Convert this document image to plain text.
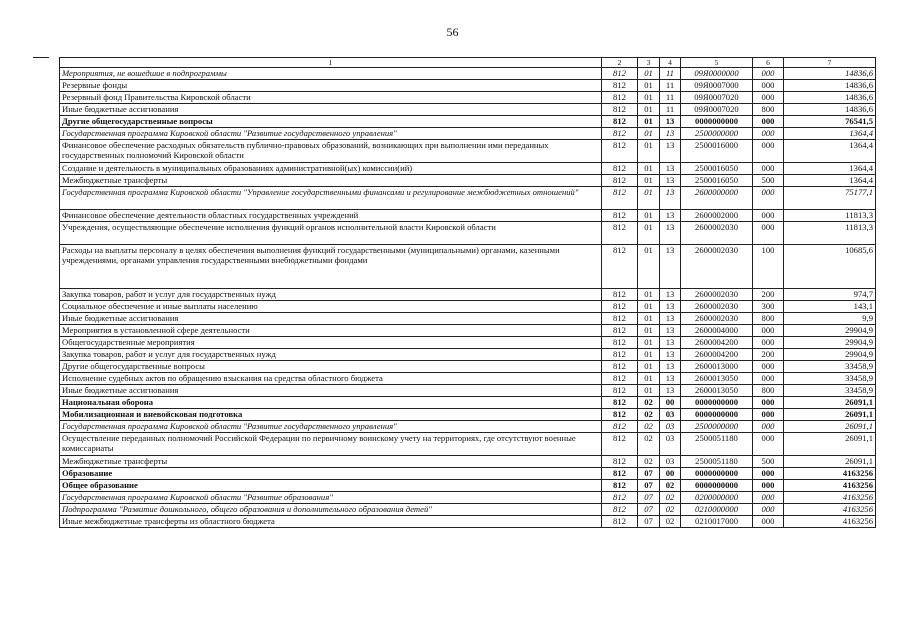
56
1	2	3	4	5	6	7
Мероприятия, не вошедшие в подпрограммы	812	01	11	09Я0000000	000	14836,6
Резервные фонды	812	01	11	09Я0007000	000	14836,6
Резервный фонд Правительства Кировской области	812	01	11	09Я0007020	000	14836,6
Иные бюджетные ассигнования	812	01	11	09Я0007020	800	14836,6
Другие общегосударственные вопросы	812	01	13	0000000000	000	76541,5
Государственная программа Кировской области "Развитие государственного управления"	812	01	13	2500000000	000	1364,4
Финансовое обеспечение расходных обязательств публично-правовых образований, возникающих при выполнении ими переданных государственных полномочий Кировской области	812	01	13	2500016000	000	1364,4
Создание и деятельность в муниципальных образованиях административной(ых) комиссии(ий)	812	01	13	2500016050	000	1364,4
Межбюджетные трансферты	812	01	13	2500016050	500	1364,4
Государственная программа Кировской области "Управление государственными финансами и регулирование межбюджетных отношений"	812	01	13	2600000000	000	75177,1
Финансовое обеспечение деятельности областных государственных учреждений	812	01	13	2600002000	000	11813,3
Учреждения, осуществляющие обеспечение исполнения функций органов исполнительной власти Кировской области	812	01	13	2600002030	000	11813,3
Расходы на выплаты персоналу в целях обеспечения выполнения функций государственными (муниципальными) органами, казенными учреждениями, органами управления государственными внебюджетными фондами	812	01	13	2600002030	100	10685,6
Закупка товаров, работ и услуг для государственных нужд	812	01	13	2600002030	200	974,7
Социальное обеспечение и иные выплаты населению	812	01	13	2600002030	300	143,1
Иные бюджетные ассигнования	812	01	13	2600002030	800	9,9
Мероприятия в установленной сфере деятельности	812	01	13	2600004000	000	29904,9
Общегосударственные мероприятия	812	01	13	2600004200	000	29904,9
Закупка товаров, работ и услуг для государственных нужд	812	01	13	2600004200	200	29904,9
Другие общегосударственные вопросы	812	01	13	2600013000	000	33458,9
Исполнение судебных актов по обращению взыскания на средства областного бюджета	812	01	13	2600013050	000	33458,9
Иные бюджетные ассигнования	812	01	13	2600013050	800	33458,9
Национальная оборона	812	02	00	0000000000	000	26091,1
Мобилизационная и вневойсковая подготовка	812	02	03	0000000000	000	26091,1
Государственная программа Кировской области "Развитие государственного управления"	812	02	03	2500000000	000	26091,1
Осуществление переданных полномочий Российской Федерации по первичному воинскому учету на территориях, где отсутствуют военные комиссариаты	812	02	03	2500051180	000	26091,1
Межбюджетные трансферты	812	02	03	2500051180	500	26091,1
Образование	812	07	00	0000000000	000	4163256
Общее образование	812	07	02	0000000000	000	4163256
Государственная программа Кировской области "Развитие образования"	812	07	02	0200000000	000	4163256
Подпрограмма "Развитие дошкольного, общего образования и дополнительного образования детей"	812	07	02	0210000000	000	4163256
Иные межбюджетные трансферты из областного бюджета	812	07	02	0210017000	000	4163256
